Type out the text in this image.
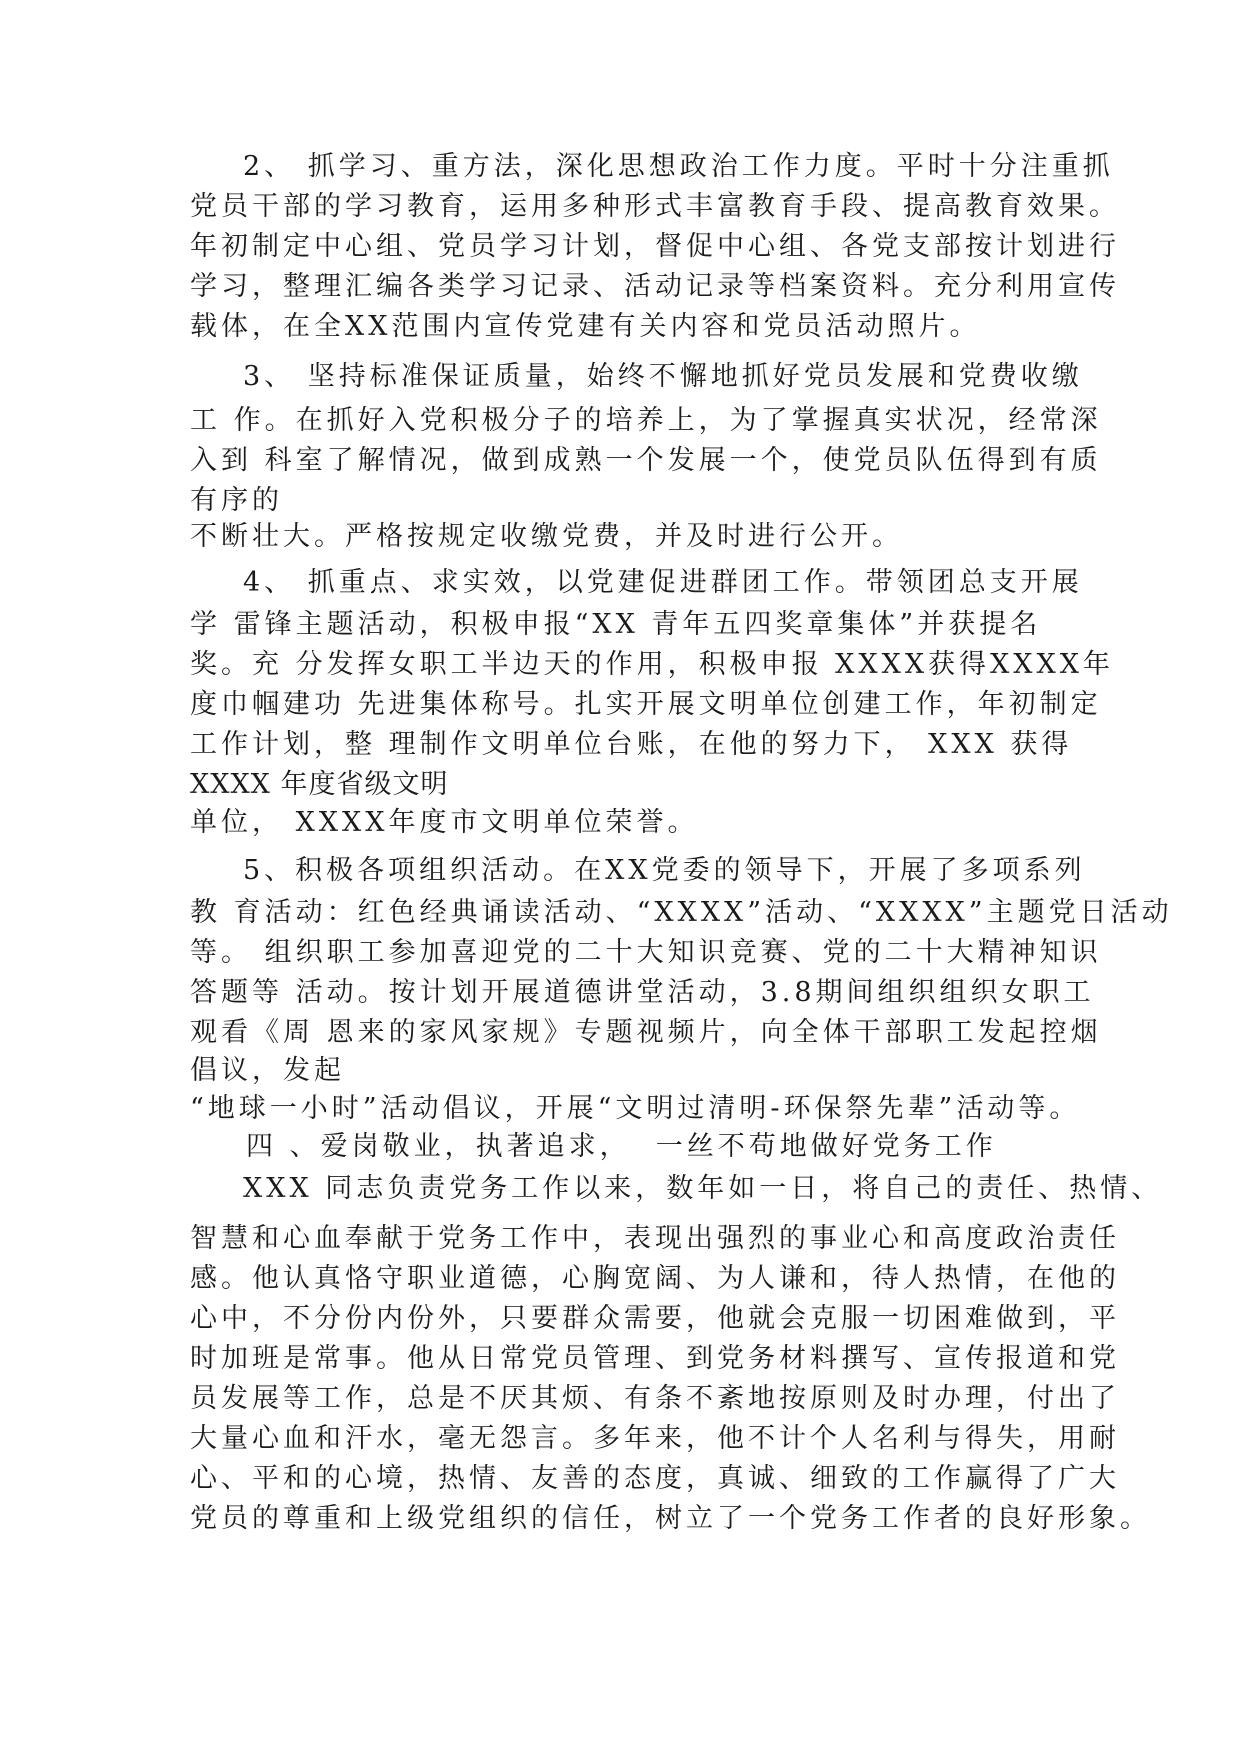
2、 抓学习、重方法，深化思想政治工作力度。平时十分注重抓
党员干部的学习教育，运用多种形式丰富教育手段、提高教育效果。
年初制定中心组、党员学习计划，督促中心组、各党支部按计划进行
学习，整理汇编各类学习记录、活动记录等档案资料。充分利用宣传
载体，在全XX范围内宣传党建有关内容和党员活动照片。
3、 坚持标准保证质量，始终不懈地抓好党员发展和党费收缴
工 作。在抓好入党积极分子的培养上，为了掌握真实状况，经常深
入到 科室了解情况，做到成熟一个发展一个，使党员队伍得到有质
有序的
不断壮大。严格按规定收缴党费，并及时进行公开。
4、 抓重点、求实效，以党建促进群团工作。带领团总支开展
学 雷锋主题活动，积极申报“XX 青年五四奖章集体”并获提名
奖。充 分发挥女职工半边天的作用，积极申报 XXXX获得XXXX年
度巾帼建功 先进集体称号。扎实开展文明单位创建工作，年初制定
工作计划，整 理制作文明单位台账，在他的努力下， XXX 获得
XXXX 年度省级文明
单位， XXXX年度市文明单位荣誉。
5、积极各项组织活动。在XX党委的领导下，开展了多项系列
教 育活动：红色经典诵读活动、“XXXX”活动、“XXXX”主题党日活动
等。 组织职工参加喜迎党的二十大知识竞赛、党的二十大精神知识
答题等 活动。按计划开展道德讲堂活动，3.8期间组织组织女职工
观看《周 恩来的家风家规》专题视频片，向全体干部职工发起控烟
倡议，发起
“地球一小时”活动倡议，开展“文明过清明-环保祭先辈”活动等。
四 、爱岗敬业，执著追求，  一丝不苟地做好党务工作
XXX 同志负责党务工作以来，数年如一日，将自己的责任、热情、
智慧和心血奉献于党务工作中，表现出强烈的事业心和高度政治责任
感。他认真恪守职业道德，心胸宽阔、为人谦和，待人热情，在他的
心中，不分份内份外，只要群众需要，他就会克服一切困难做到，平
时加班是常事。他从日常党员管理、到党务材料撰写、宣传报道和党
员发展等工作，总是不厌其烦、有条不紊地按原则及时办理，付出了
大量心血和汗水，毫无怨言。多年来，他不计个人名利与得失，用耐
心、平和的心境，热情、友善的态度，真诚、细致的工作赢得了广大
党员的尊重和上级党组织的信任，树立了一个党务工作者的良好形象。
